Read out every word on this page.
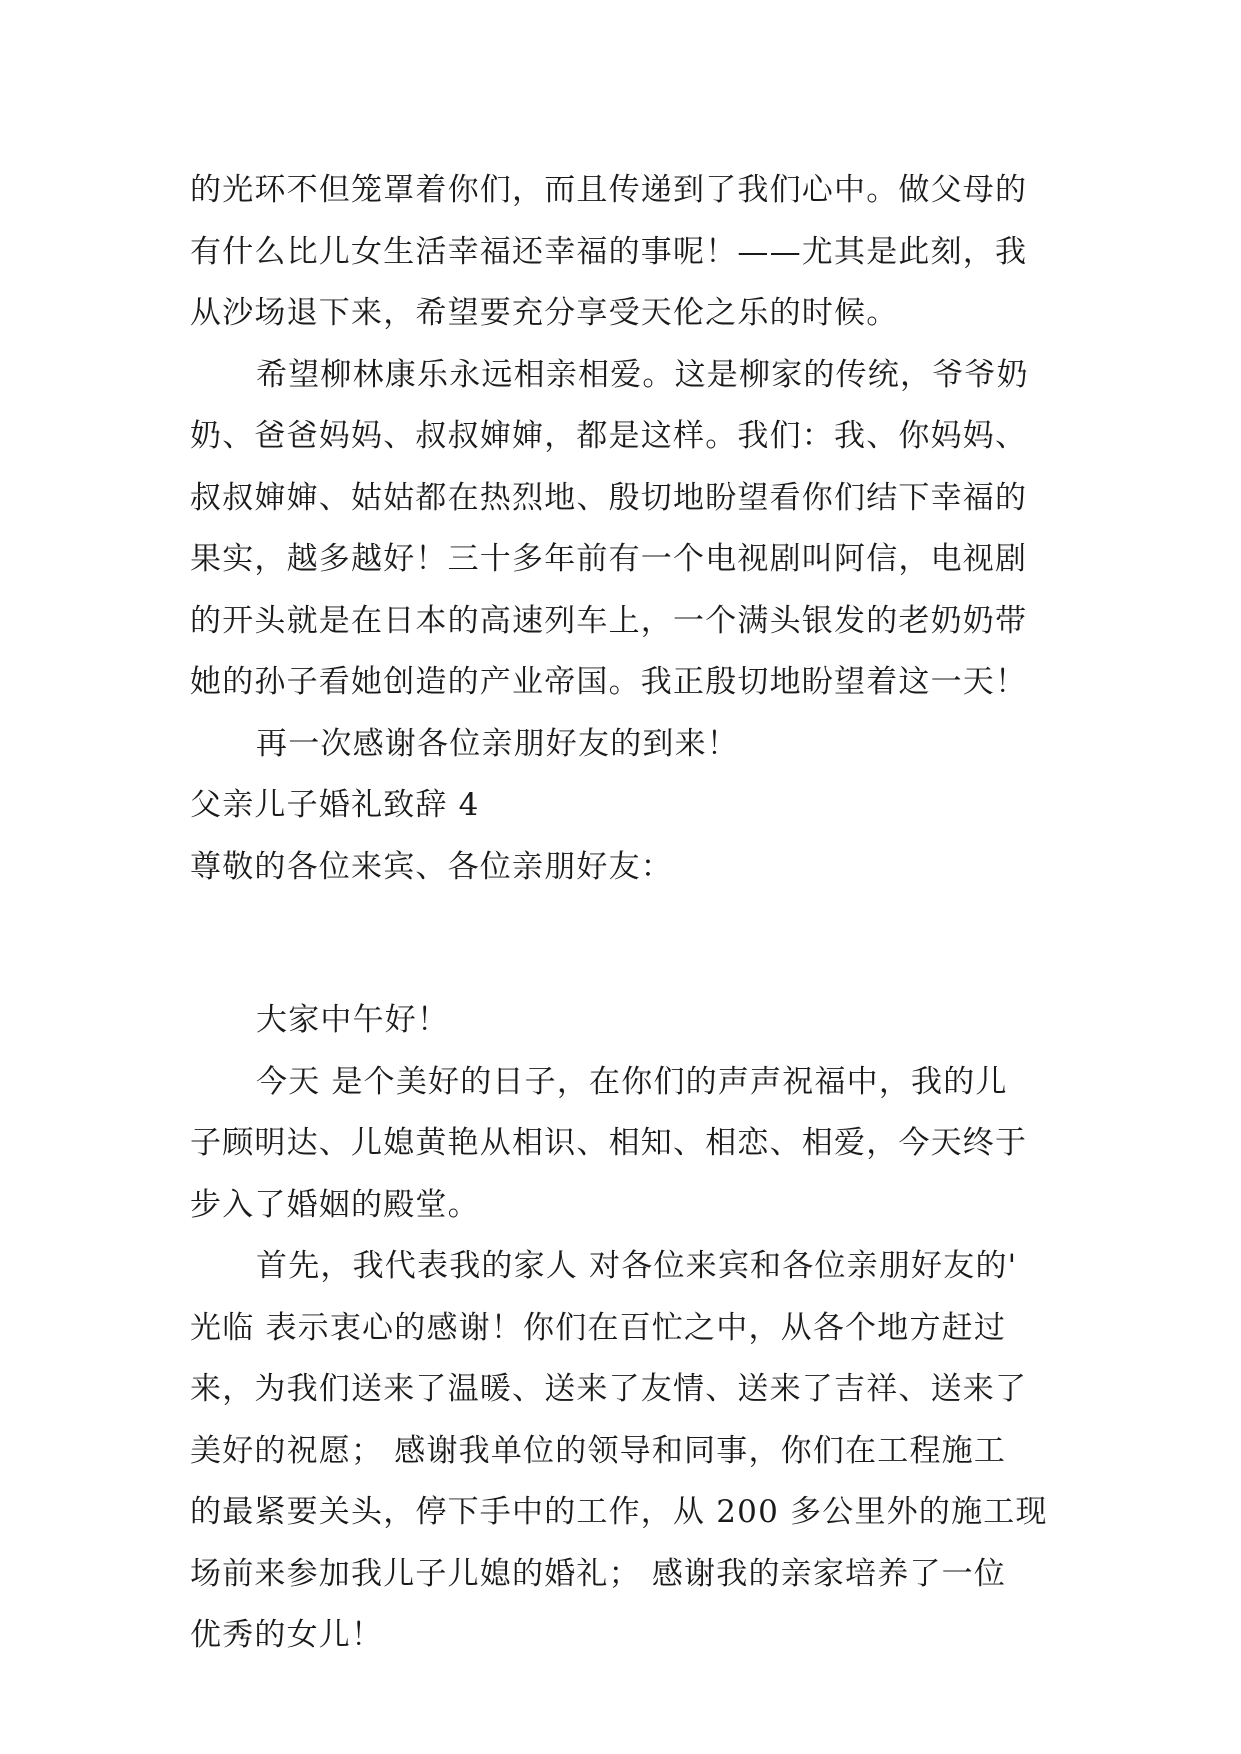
的光环不但笼罩着你们，而且传递到了我们心中。做父母的
有什么比儿女生活幸福还幸福的事呢！——尤其是此刻，我
从沙场退下来，希望要充分享受天伦之乐的时候。
希望柳林康乐永远相亲相爱。这是柳家的传统，爷爷奶
奶、爸爸妈妈、叔叔婶婶，都是这样。我们：我、你妈妈、
叔叔婶婶、姑姑都在热烈地、殷切地盼望看你们结下幸福的
果实，越多越好！三十多年前有一个电视剧叫阿信，电视剧
的开头就是在日本的高速列车上，一个满头银发的老奶奶带
她的孙子看她创造的产业帝国。我正殷切地盼望着这一天！
再一次感谢各位亲朋好友的到来！
父亲儿子婚礼致辞 4
尊敬的各位来宾、各位亲朋好友：
大家中午好！
今天 是个美好的日子，在你们的声声祝福中，我的儿
子顾明达、儿媳黄艳从相识、相知、相恋、相爱，今天终于
步入了婚姻的殿堂。
首先，我代表我的家人 对各位来宾和各位亲朋好友的'
光临 表示衷心的感谢！你们在百忙之中，从各个地方赶过
来，为我们送来了温暖、送来了友情、送来了吉祥、送来了
美好的祝愿； 感谢我单位的领导和同事，你们在工程施工
的最紧要关头，停下手中的工作，从 200 多公里外的施工现
场前来参加我儿子儿媳的婚礼； 感谢我的亲家培养了一位
优秀的女儿！
